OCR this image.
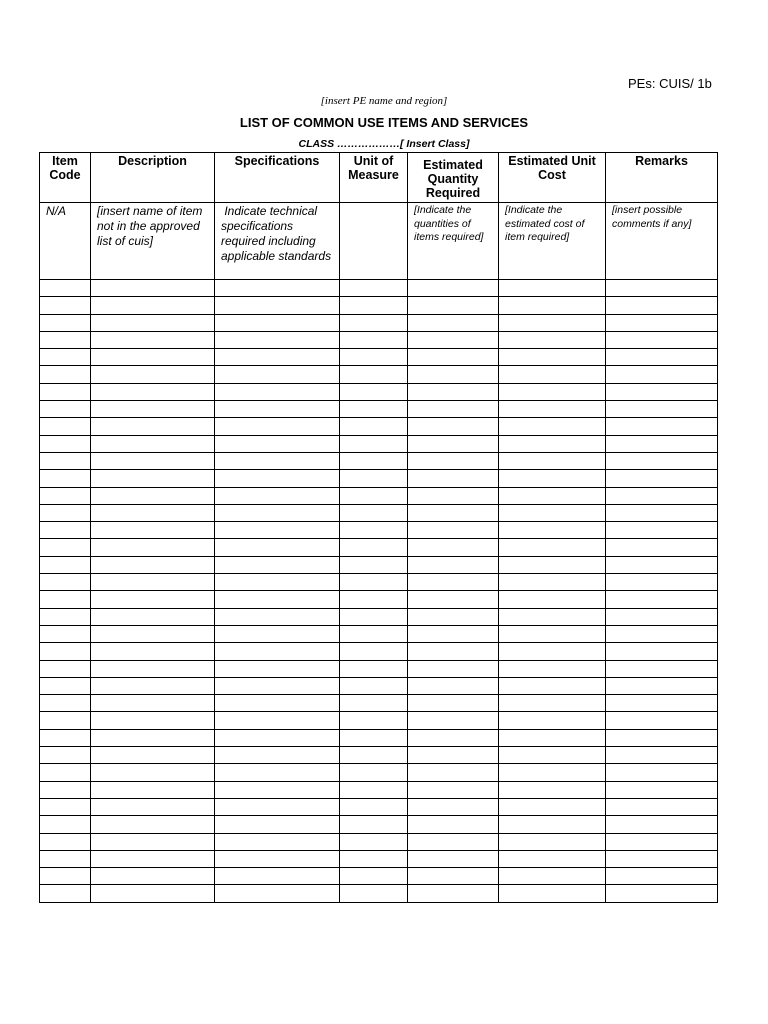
PEs: CUIS/ 1b
[insert PE name and region]
LIST OF COMMON USE ITEMS AND SERVICES
CLASS ………………[ Insert Class]
Item Code	Description	Specifications	Unit of Measure	Estimated Quantity Required	Estimated Unit Cost	Remarks
N/A	[insert name of item not in the approved list of cuis]	Indicate technical specifications required including applicable standards		[Indicate the quantities of items required]	[Indicate the estimated cost of item required]	[insert possible comments if any]
